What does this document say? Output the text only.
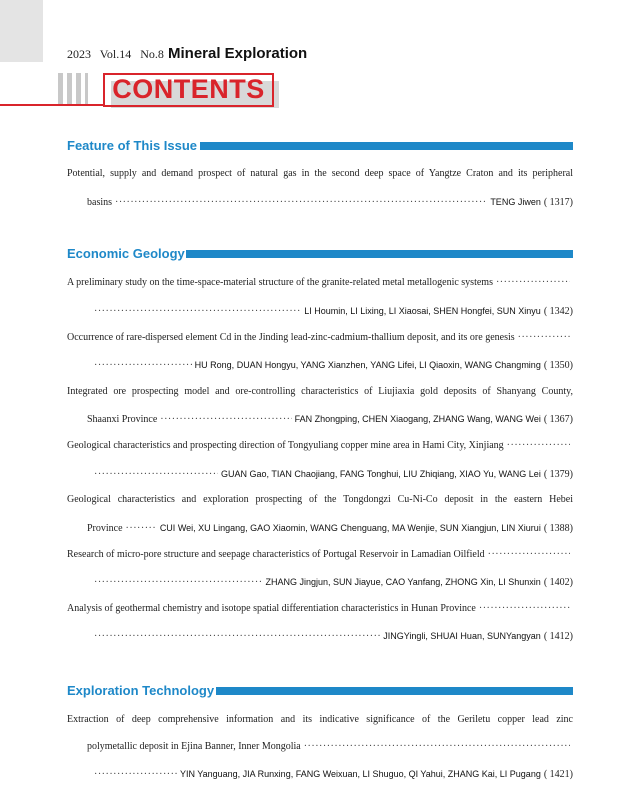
2023 Vol.14 No.8 Mineral Exploration
CONTENTS
Feature of This Issue
Potential, supply and demand prospect of natural gas in the second deep space of Yangtze Craton and its peripheral
basins ·····	TENG Jiwen ( 1317)
Economic Geology
A preliminary study on the time-space-material structure of the granite-related metal metallogenic systems
·····
·····
LI Houmin, LI Lixing, LI Xiaosai, SHEN Hongfei, SUN Xinyu ( 1342)
Occurrence of rare-dispersed element Cd in the Jinding lead-zinc-cadmium-thallium deposit, and its ore genesis
·····
·····
HU Rong, DUAN Hongyu, YANG Xianzhen, YANG Lifei, LI Qiaoxin, WANG Changming ( 1350)
Integrated ore prospecting model and ore-controlling characteristics of Liujiaxia gold deposits of Shanyang County,
Shaanxi Province ·····	FAN Zhongping, CHEN Xiaogang, ZHANG Wang, WANG Wei ( 1367)
Geological characteristics and prospecting direction of Tongyuliang copper mine area in Hami City, Xinjiang
·····
·····
GUAN Gao, TIAN Chaojiang, FANG Tonghui, LIU Zhiqiang, XIAO Yu, WANG Lei ( 1379)
Geological characteristics and exploration prospecting of the Tongdongzi Cu-Ni-Co deposit in the eastern Hebei
Province ·····	CUI Wei, XU Lingang, GAO Xiaomin, WANG Chenguang, MA Wenjie, SUN Xiangjun, LIN Xiurui ( 1388)
Research of micro-pore structure and seepage characteristics of Portugal Reservoir in Lamadian Oilfield
·····
·····
ZHANG Jingjun, SUN Jiayue, CAO Yanfang, ZHONG Xin, LI Shunxin ( 1402)
Analysis of geothermal chemistry and isotope spatial differentiation characteristics in Hunan Province
·····
·····
JINGYingli, SHUAI Huan, SUNYangyan ( 1412)
Exploration Technology
Extraction of deep comprehensive information and its indicative significance of the Geriletu copper lead zinc
polymetallic deposit in Ejina Banner, Inner Mongolia
·····
·····
YIN Yanguang, JIA Runxing, FANG Weixuan, LI Shuguo, QI Yahui, ZHANG Kai, LI Pugang ( 1421)
